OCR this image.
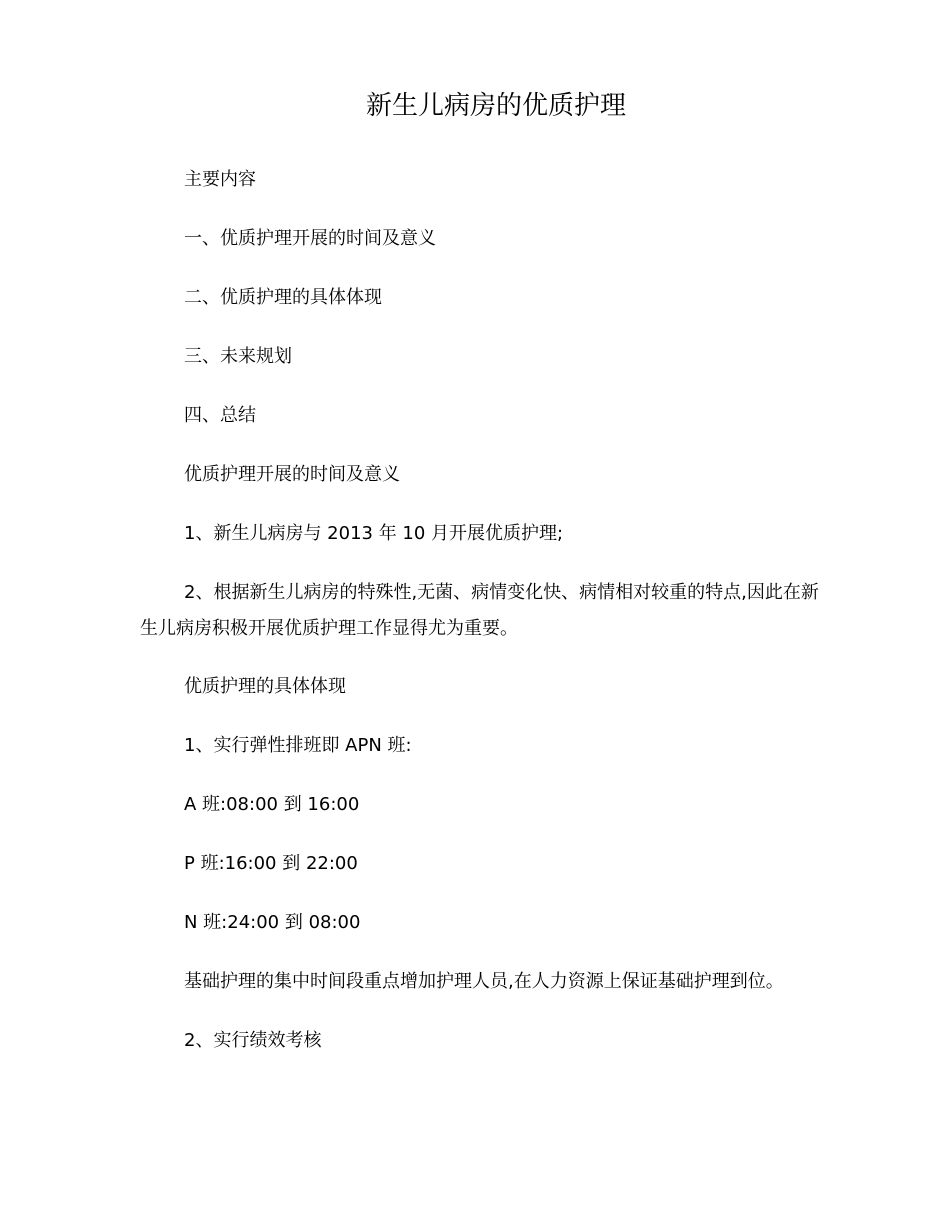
新生儿病房的优质护理
主要内容
一、优质护理开展的时间及意义
二、优质护理的具体体现
三、未来规划
四、总结
优质护理开展的时间及意义
1、新生儿病房与 2013 年 10 月开展优质护理;
2、根据新生儿病房的特殊性,无菌、病情变化快、病情相对较重的特点,因此在新生儿病房积极开展优质护理工作显得尤为重要。
优质护理的具体体现
1、实行弹性排班即 APN 班:
A 班:08:00 到 16:00
P 班:16:00 到 22:00
N 班:24:00 到 08:00
基础护理的集中时间段重点增加护理人员,在人力资源上保证基础护理到位。
2、实行绩效考核
